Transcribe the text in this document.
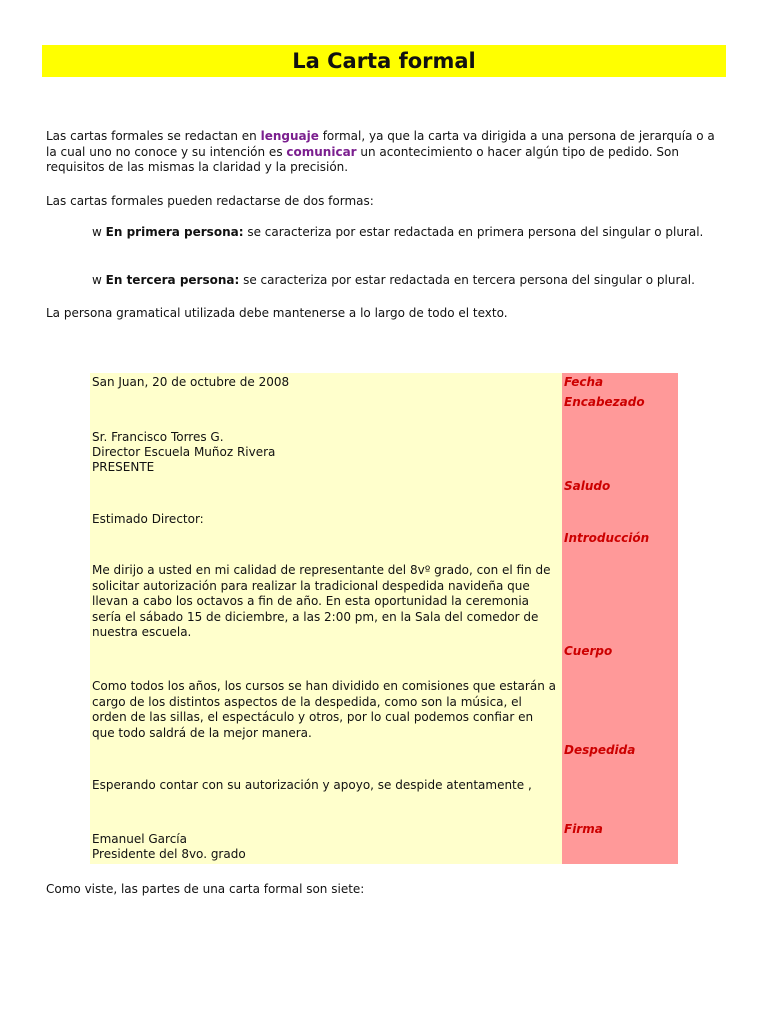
La Carta formal

Las cartas formales se redactan en lenguaje formal, ya que la carta va dirigida a una persona de jerarquía o a la cual uno no conoce y su intención es comunicar un acontecimiento o hacer algún tipo de pedido. Son requisitos de las mismas la claridad y la precisión.

Las cartas formales pueden redactarse de dos formas:

w En primera persona: se caracteriza por estar redactada en primera persona del singular o plural.

w En tercera persona: se caracteriza por estar redactada en tercera persona del singular o plural.

La persona gramatical utilizada debe mantenerse a lo largo de todo el texto.

San Juan, 20 de octubre de 2008

Sr. Francisco Torres G.

Director Escuela Muñoz Rivera

PRESENTE

Estimado Director:

Me dirijo a usted en mi calidad de representante del 8vº grado, con el fin de solicitar autorización para realizar la tradicional despedida navideña que llevan a cabo los octavos a fin de año. En esta oportunidad la ceremonia sería el sábado 15 de diciembre, a las 2:00 pm, en la Sala del comedor de nuestra escuela.

Como todos los años, los cursos se han dividido en comisiones que estarán a cargo de los distintos aspectos de la despedida, como son la música, el orden de las sillas, el espectáculo y otros, por lo cual podemos confiar en que todo saldrá de la mejor manera.

Esperando contar con su autorización y apoyo, se despide atentamente ,

Emanuel García

Presidente del 8vo. grado

Fecha

Encabezado

Saludo

Introducción

Cuerpo

Despedida

Firma

Como viste, las partes de una carta formal son siete:
